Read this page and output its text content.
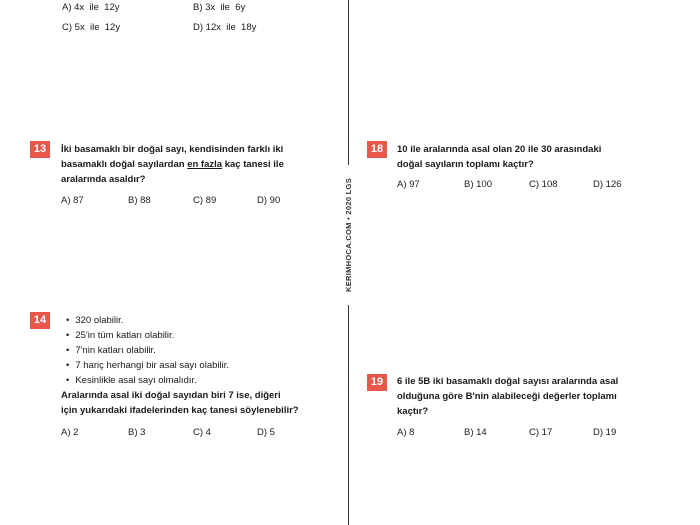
A) 4x  ile  12y	B) 3x  ile  6y
C) 5x  ile  12y	D) 12x  ile  18y
KERIMHOCA.COM • 2020 LGS
13	İki basamaklı bir doğal sayı, kendisinden farklı iki
basamaklı doğal sayılardan en fazla kaç tanesi ile
aralarında asaldır?
A) 87	B) 88	C) 89	D) 90
14
•	320 olabilir.
• 25'in tüm katları olabilir.
• 7'nin katları olabilir.
• 7 hariç herhangi bir asal sayı olabilir.
• Kesinlikle asal sayı olmalıdır.
Aralarında asal iki doğal sayıdan biri 7 ise, diğeri
için yukarıdaki ifadelerinden kaç tanesi söylenebilir?
A) 2	B) 3	C) 4	D) 5
18	10 ile aralarında asal olan 20 ile 30 arasındaki
doğal sayıların toplamı kaçtır?
A) 97	B) 100	C) 108	D) 126
19	6 ile 5B iki basamaklı doğal sayısı aralarında asal
olduğuna göre B'nin alabileceği değerler toplamı
kaçtır?
A) 8	B) 14	C) 17	D) 19
